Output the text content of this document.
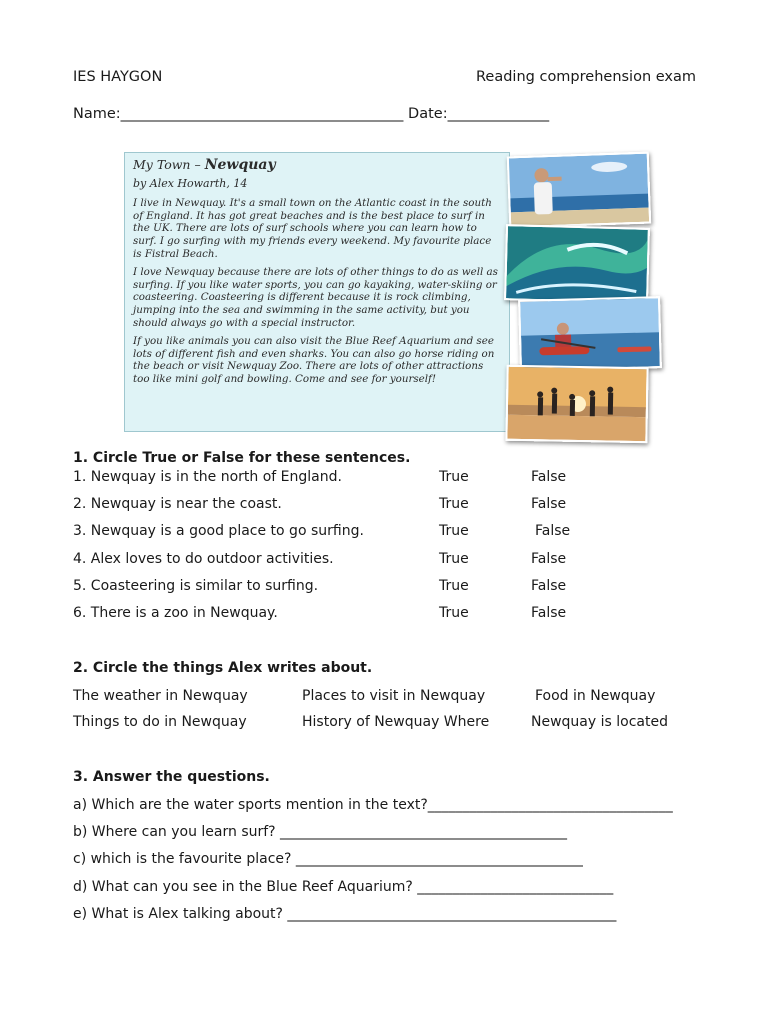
IES HAYGON	Reading comprehension exam
Name:_______________________________________ Date:______________
My Town – Newquay
by Alex Howarth, 14

I live in Newquay. It's a small town on the Atlantic coast in the south of England. It has got great beaches and is the best place to surf in the UK. There are lots of surf schools where you can learn how to surf. I go surfing with my friends every weekend. My favourite place is Fistral Beach.

I love Newquay because there are lots of other things to do as well as surfing. If you like water sports, you can go kayaking, water-skiing or coasteering. Coasteering is different because it is rock climbing, jumping into the sea and swimming in the same activity, but you should always go with a special instructor.

If you like animals you can also visit the Blue Reef Aquarium and see lots of different fish and even sharks. You can also go horse riding on the beach or visit Newquay Zoo. There are lots of other attractions too like mini golf and bowling. Come and see for yourself!

1. Circle True or False for these sentences.
1. Newquay is in the north of England.	True	False
2. Newquay is near the coast.	True	False
3. Newquay is a good place to go surfing.	True	False
4. Alex loves to do outdoor activities.	True	False
5. Coasteering is similar to surfing.	True	False
6. There is a zoo in Newquay.	True	False
2. Circle the things Alex writes about.
The weather in Newquay	Places to visit in Newquay	Food in Newquay
Things to do in Newquay	History of Newquay Where	Newquay is located
3. Answer the questions.
a) Which are the water sports mention in the text?___________________________________
b) Where can you learn surf? _________________________________________
c) which is the favourite place? _________________________________________
d) What can you see in the Blue Reef Aquarium? ____________________________
e) What is Alex talking about? _______________________________________________
